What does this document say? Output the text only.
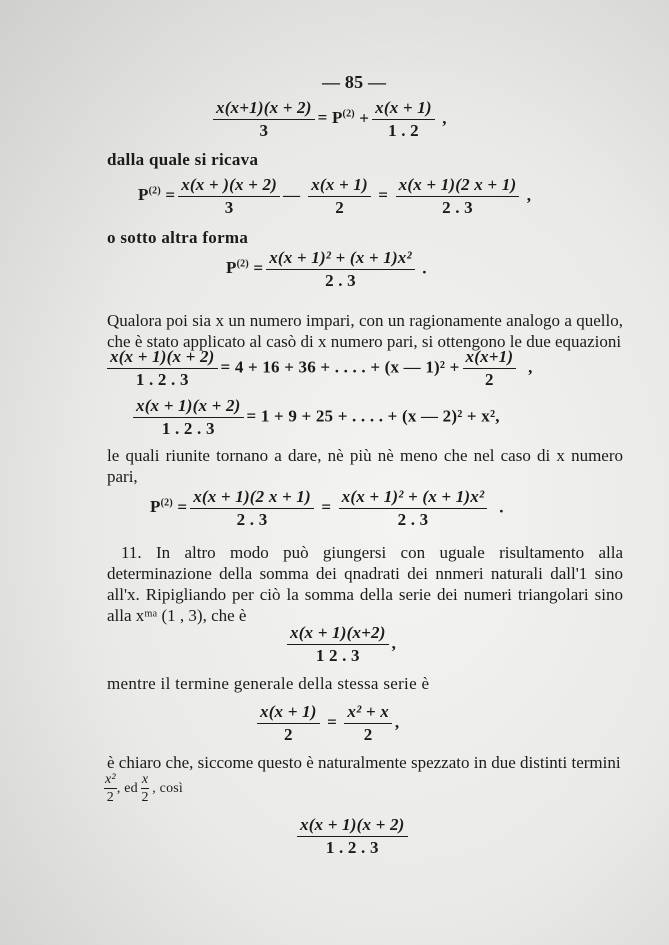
— 85 —
$\frac{x(x+1)(x + 2)}{3} = P^{(2)} + \frac{x(x + 1)}{1 . 2}$ ,
dalla quale si ricava
$P^{(2)} = \frac{x(x + )(x + 2)}{3}$ — $\frac{x(x + 1)}{2} = \frac{x(x + 1)(2 x + 1)}{2 . 3}$ ,
o sotto altra forma
$P^{(2)} = \frac{\text{x(x + 1)² + (x + 1)x²}}{2 . 3}$ .
Qualora poi sia x un numero impari, con un ragionamente analogo a quello, che è stato applicato al casò di x numero pari, si ottengono le due equazioni
$\frac{x(x + 1)(x + 2)}{1 . 2 . 3} = 4 + 16 + 36$ + . . . . + (x — $1)^2 + \frac{x(x+1)}{2}$ ,
$\frac{x(x + 1)(x + 2)}{1 . 2 . 3} = 1 + 9 + 25$ + . . . . + (x — 2)² + x²,
le quali riunite tornano a dare, nè più nè meno che nel caso di x numero pari,
$P^{(2)} = \frac{x(x + 1)(2 x + 1)}{2 . 3} = \frac{\text{x(x + 1)² + (x + 1)x²}}{2 . 3}$ .
11. In altro modo può giungersi con uguale risultamento alla determinazione della somma dei qnadrati dei nnmeri naturali dall'1 sino all'x. Ripigliando per ciò la somma della serie dei numeri triangolari sino alla xᵐᵃ (1 , 3), che è
$\frac{x(x + 1)(x+2)}{1 2 . 3}$ ,
mentre il termine generale della stessa serie è
$\frac{x(x + 1)}{2} = \frac{\text{x² + x}}{2}$ ,
è chiaro che, siccome questo è naturalmente spezzato in due distinti termini
$\frac{\text{x²}}{2}$ , ed $\frac{x}{2}$ , così
$\frac{x(x + 1)(x + 2)}{1 . 2 . 3}$
